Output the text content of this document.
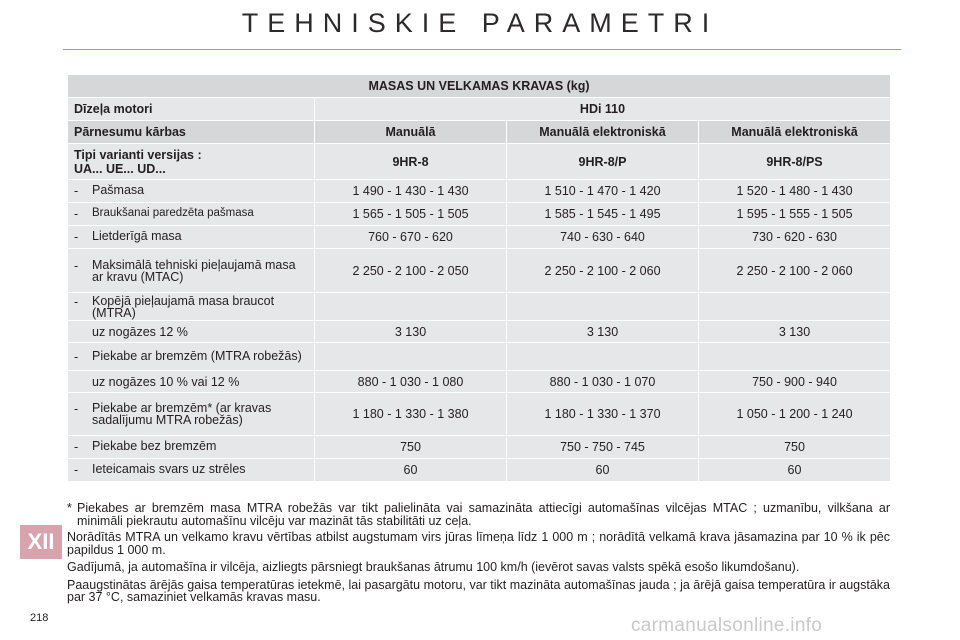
TEHNISKIE PARAMETRI
MASAS UN VELKAMAS KRAVAS (kg)			
Dīzeļa motori	HDi 110		
Pārnesumu kārbas	Manuālā	Manuālā elektroniskā	Manuālā elektroniskā

Tipi varianti versijas :
UA... UE... UD...	9HR-8	9HR-8/P	9HR-8/PS

- Pašmasa	1 490 - 1 430 - 1 430	1 510 - 1 470 - 1 420	1 520 - 1 480 - 1 430

- Braukšanai paredzēta pašmasa	1 565 - 1 505 - 1 505	1 585 - 1 545 - 1 495	1 595 - 1 555 - 1 505

- Lietderīgā masa	760 - 670 - 620	740 - 630 - 640	730 - 620 - 630

- Maksimālā tehniski pieļaujamā masa ar kravu (MTAC)	2 250 - 2 100 - 2 050	2 250 - 2 100 - 2 060	2 250 - 2 100 - 2 060

- Kopējā pieļaujamā masa braucot (MTRA)			

uz nogāzes 12 %	3 130	3 130	3 130

- Piekabe ar bremzēm (MTRA robežās)			

uz nogāzes 10 % vai 12 %	880 - 1 030 - 1 080	880 - 1 030 - 1 070	750 - 900 - 940

- Piekabe ar bremzēm* (ar kravas sadalījumu MTRA robežās)	1 180 - 1 330 - 1 380	1 180 - 1 330 - 1 370	1 050 - 1 200 - 1 240

- Piekabe bez bremzēm	750	750 - 750 - 745	750

- Ieteicamais svars uz strēles	60	60	60
* Piekabes ar bremzēm masa MTRA robežās var tikt palielināta vai samazināta attiecīgi automašīnas vilcējas MTAC ; uzmanību, vilkšana ar minimāli piekrautu automašīnu vilcēju var mazināt tās stabilitāti uz ceļa.

Norādītās MTRA un velkamo kravu vērtības atbilst augstumam virs jūras līmeņa līdz 1 000 m ; norādītā velkamā krava jāsamazina par 10 % ik pēc papildus 1 000 m.

Gadījumā, ja automašīna ir vilcēja, aizliegts pārsniegt braukšanas ātrumu 100 km/h (ievērot savas valsts spēkā esošo likumdošanu).

Paaugstinātas ārējās gaisa temperatūras ietekmē, lai pasargātu motoru, var tikt mazināta automašīnas jauda ; ja ārējā gaisa temperatūra ir augstāka par 37 °C, samaziniet velkamās kravas masu.

XII
218	carmanualsonline.info
